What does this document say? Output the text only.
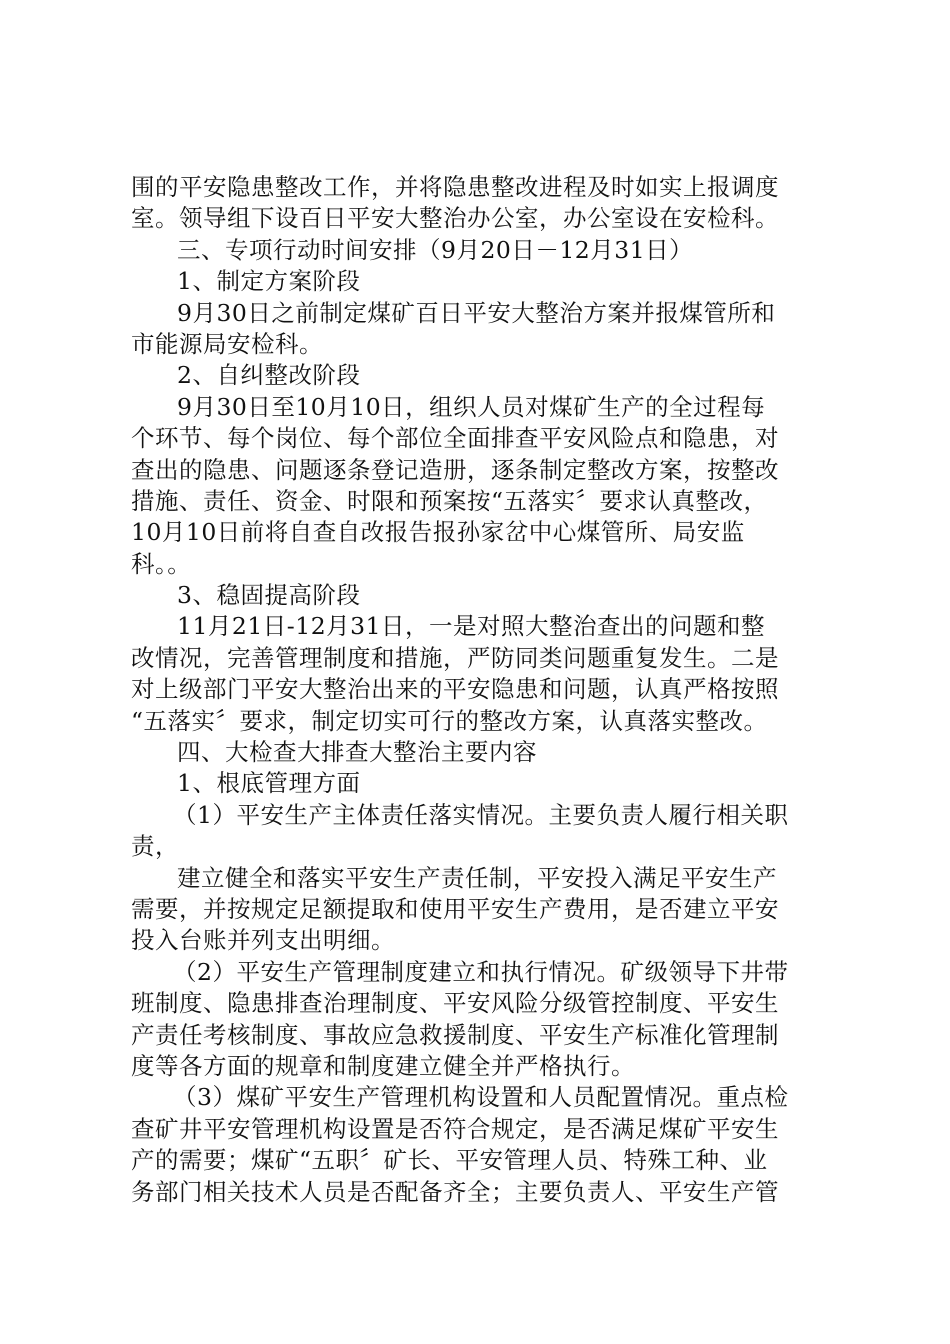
围的平安隐患整改工作，并将隐患整改进程及时如实上报调度
室。领导组下设百日平安大整治办公室，办公室设在安检科。
三、专项行动时间安排（9月20日－12月31日）
1、制定方案阶段
9月30日之前制定煤矿百日平安大整治方案并报煤管所和
市能源局安检科。
2、自纠整改阶段
9月30日至10月10日，组织人员对煤矿生产的全过程每
个环节、每个岗位、每个部位全面排查平安风险点和隐患，对
查出的隐患、问题逐条登记造册，逐条制定整改方案，按整改
措施、责任、资金、时限和预案按“五落实〞要求认真整改，
10月10日前将自查自改报告报孙家岔中心煤管所、局安监
科。。
3、稳固提高阶段
11月21日-12月31日，一是对照大整治查出的问题和整
改情况，完善管理制度和措施，严防同类问题重复发生。二是
对上级部门平安大整治出来的平安隐患和问题，认真严格按照
“五落实〞要求，制定切实可行的整改方案，认真落实整改。
四、大检查大排查大整治主要内容
1、根底管理方面
（1）平安生产主体责任落实情况。主要负责人履行相关职
责，
建立健全和落实平安生产责任制，平安投入满足平安生产
需要，并按规定足额提取和使用平安生产费用，是否建立平安
投入台账并列支出明细。
（2）平安生产管理制度建立和执行情况。矿级领导下井带
班制度、隐患排查治理制度、平安风险分级管控制度、平安生
产责任考核制度、事故应急救援制度、平安生产标准化管理制
度等各方面的规章和制度建立健全并严格执行。
（3）煤矿平安生产管理机构设置和人员配置情况。重点检
查矿井平安管理机构设置是否符合规定，是否满足煤矿平安生
产的需要；煤矿“五职〞矿长、平安管理人员、特殊工种、业
务部门相关技术人员是否配备齐全；主要负责人、平安生产管
